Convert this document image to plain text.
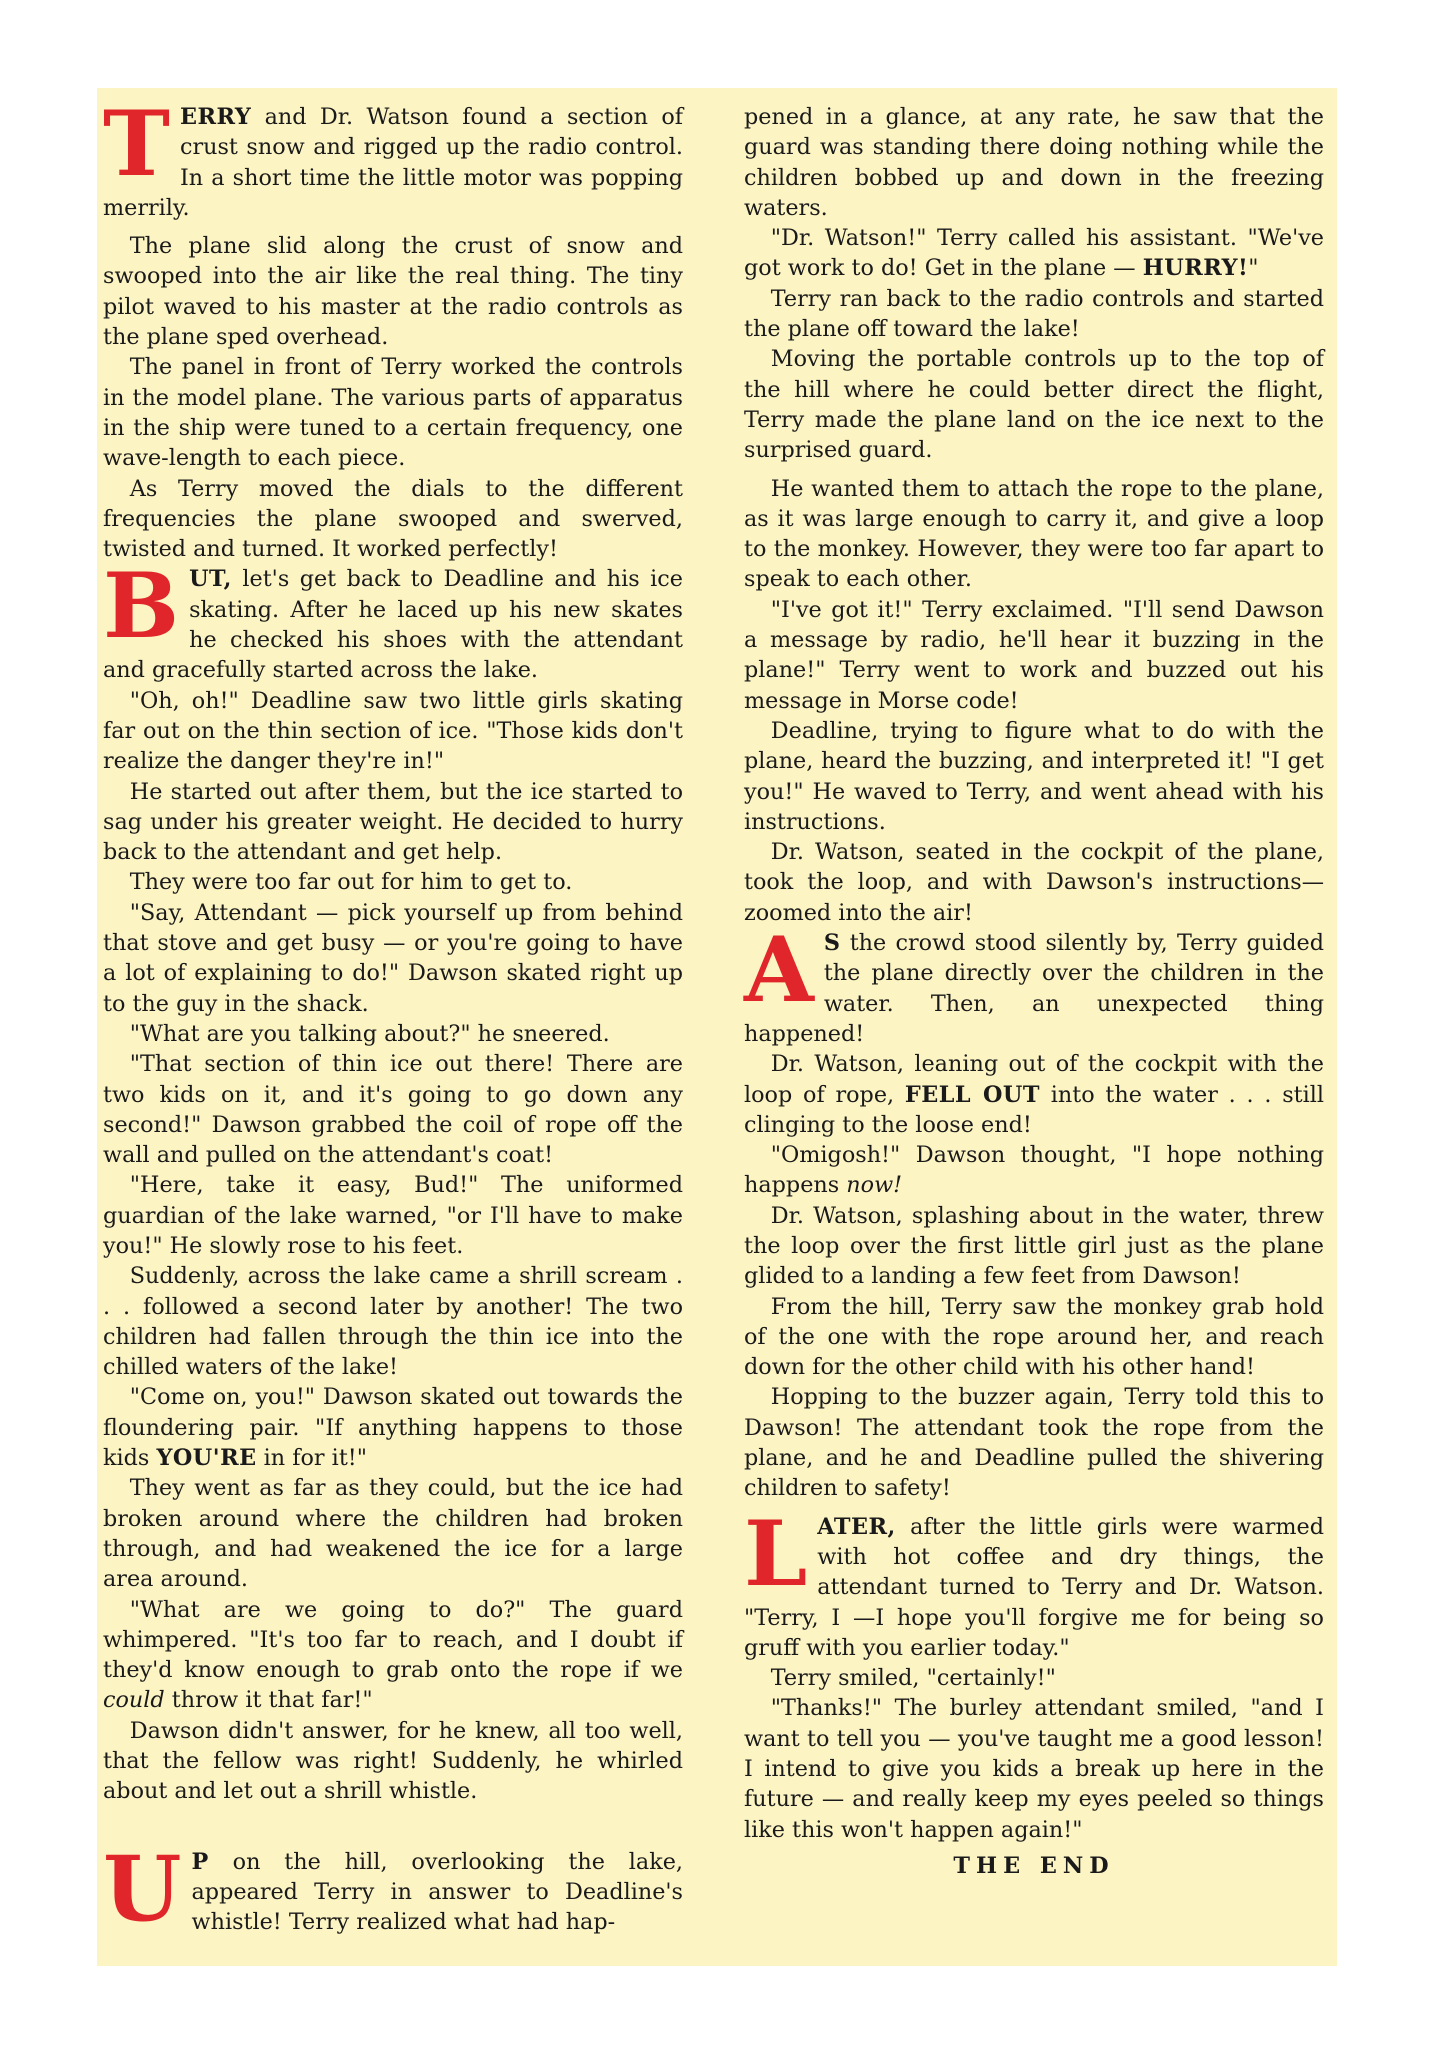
TERRY and Dr. Watson found a section of crust snow and rigged up the radio control. In a short time the little motor was popping merrily.

The plane slid along the crust of snow and swooped into the air like the real thing. The tiny pilot waved to his master at the radio controls as the plane sped overhead.

The panel in front of Terry worked the controls in the model plane. The various parts of apparatus in the ship were tuned to a certain frequency, one wave-length to each piece.

As Terry moved the dials to the different frequencies the plane swooped and swerved, twisted and turned. It worked perfectly!

BUT, let's get back to Deadline and his ice skating. After he laced up his new skates he checked his shoes with the attendant and gracefully started across the lake.

"Oh, oh!" Deadline saw two little girls skating far out on the thin section of ice. "Those kids don't realize the danger they're in!"

He started out after them, but the ice started to sag under his greater weight. He decided to hurry back to the attendant and get help.

They were too far out for him to get to.

"Say, Attendant — pick yourself up from behind that stove and get busy — or you're going to have a lot of explaining to do!" Dawson skated right up to the guy in the shack.

"What are you talking about?" he sneered.

"That section of thin ice out there! There are two kids on it, and it's going to go down any second!" Dawson grabbed the coil of rope off the wall and pulled on the attendant's coat!

"Here, take it easy, Bud!" The uniformed guardian of the lake warned, "or I'll have to make you!" He slowly rose to his feet.

Suddenly, across the lake came a shrill scream . . . followed a second later by another! The two children had fallen through the thin ice into the chilled waters of the lake!

"Come on, you!" Dawson skated out towards the floundering pair. "If anything happens to those kids YOU'RE in for it!"

They went as far as they could, but the ice had broken around where the children had broken through, and had weakened the ice for a large area around.

"What are we going to do?" The guard whimpered. "It's too far to reach, and I doubt if they'd know enough to grab onto the rope if we could throw it that far!"

Dawson didn't answer, for he knew, all too well, that the fellow was right! Suddenly, he whirled about and let out a shrill whistle.

U P on the hill, overlooking the lake, appeared Terry in answer to Deadline's whistle! Terry realized what had hap-

pened in a glance, at any rate, he saw that the guard was standing there doing nothing while the children bobbed up and down in the freezing waters.

"Dr. Watson!" Terry called his assistant. "We've got work to do! Get in the plane — HURRY!"

Terry ran back to the radio controls and started the plane off toward the lake!

Moving the portable controls up to the top of the hill where he could better direct the flight, Terry made the plane land on the ice next to the surprised guard.

He wanted them to attach the rope to the plane, as it was large enough to carry it, and give a loop to the monkey. However, they were too far apart to speak to each other.

"I've got it!" Terry exclaimed. "I'll send Dawson a message by radio, he'll hear it buzzing in the plane!" Terry went to work and buzzed out his message in Morse code!

Deadline, trying to figure what to do with the plane, heard the buzzing, and interpreted it! "I get you!" He waved to Terry, and went ahead with his instructions.

Dr. Watson, seated in the cockpit of the plane, took the loop, and with Dawson's instructions— zoomed into the air!

A S the crowd stood silently by, Terry guided the plane directly over the children in the water. Then, an unexpected thing happened!

Dr. Watson, leaning out of the cockpit with the loop of rope, FELL OUT into the water . . . still clinging to the loose end!

"Omigosh!" Dawson thought, "I hope nothing happens now!

Dr. Watson, splashing about in the water, threw the loop over the first little girl just as the plane glided to a landing a few feet from Dawson!

From the hill, Terry saw the monkey grab hold of the one with the rope around her, and reach down for the other child with his other hand!

Hopping to the buzzer again, Terry told this to Dawson! The attendant took the rope from the plane, and he and Deadline pulled the shivering children to safety!

LATER, after the little girls were warmed with hot coffee and dry things, the attendant turned to Terry and Dr. Watson. "Terry, I —I hope you'll forgive me for being so gruff with you earlier today."

Terry smiled, "certainly!"

"Thanks!" The burley attendant smiled, "and I want to tell you — you've taught me a good lesson! I intend to give you kids a break up here in the future — and really keep my eyes peeled so things like this won't happen again!"

THE END
